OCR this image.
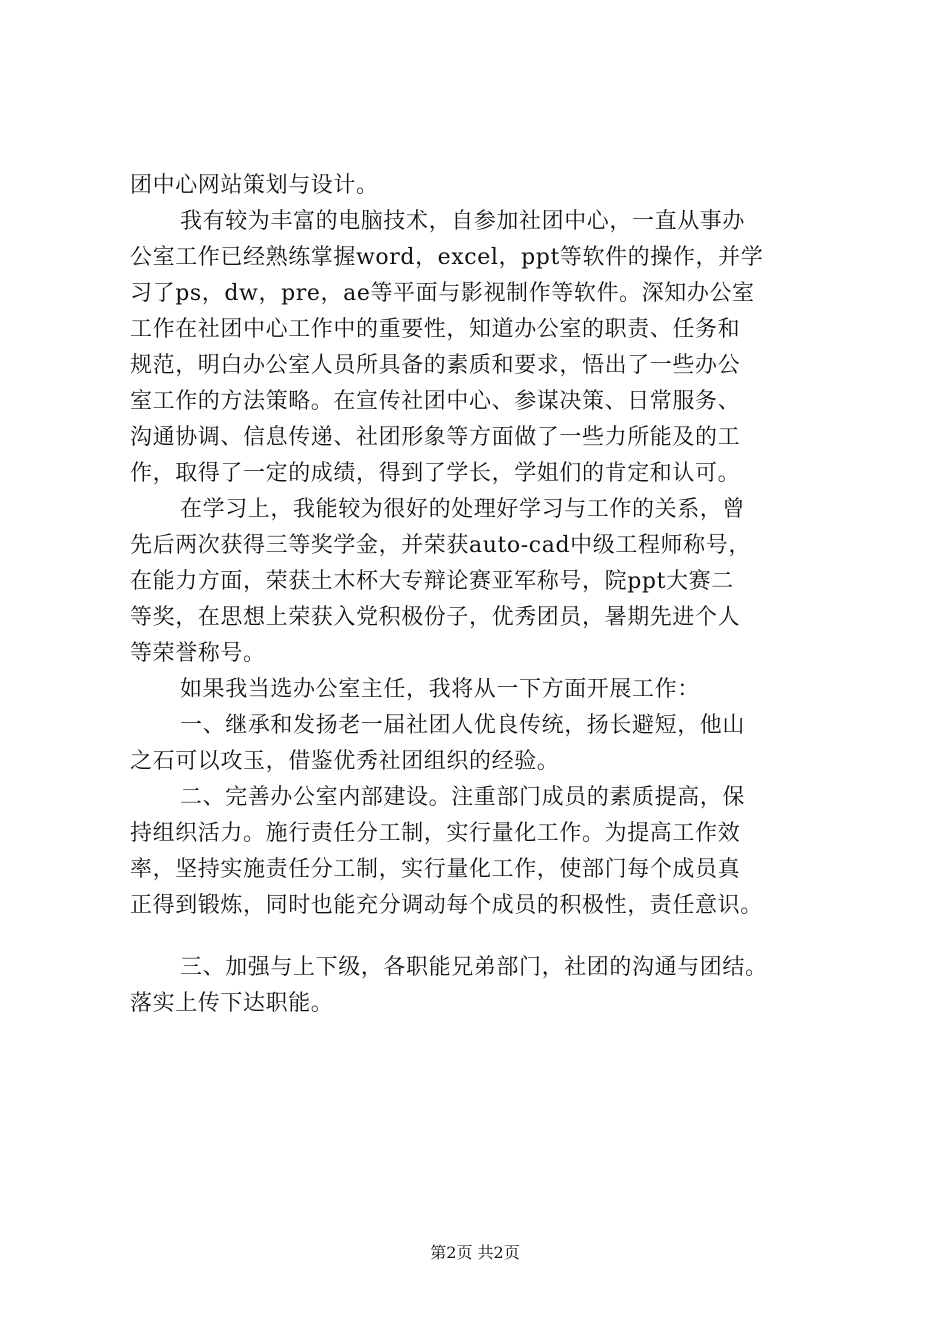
团中心网站策划与设计。
我有较为丰富的电脑技术，自参加社团中心，一直从事办
公室工作已经熟练掌握word，excel，ppt等软件的操作，并学
习了ps，dw，pre，ae等平面与影视制作等软件。深知办公室
工作在社团中心工作中的重要性，知道办公室的职责、任务和
规范，明白办公室人员所具备的素质和要求，悟出了一些办公
室工作的方法策略。在宣传社团中心、参谋决策、日常服务、
沟通协调、信息传递、社团形象等方面做了一些力所能及的工
作，取得了一定的成绩，得到了学长，学姐们的肯定和认可。
在学习上，我能较为很好的处理好学习与工作的关系，曾
先后两次获得三等奖学金，并荣获auto-cad中级工程师称号，
在能力方面，荣获土木杯大专辩论赛亚军称号，院ppt大赛二
等奖，在思想上荣获入党积极份子，优秀团员，暑期先进个人
等荣誉称号。
如果我当选办公室主任，我将从一下方面开展工作：
一、继承和发扬老一届社团人优良传统，扬长避短，他山
之石可以攻玉，借鉴优秀社团组织的经验。
二、完善办公室内部建设。注重部门成员的素质提高，保
持组织活力。施行责任分工制，实行量化工作。为提高工作效
率，坚持实施责任分工制，实行量化工作，使部门每个成员真
正得到锻炼，同时也能充分调动每个成员的积极性，责任意识。
三、加强与上下级，各职能兄弟部门，社团的沟通与团结。
落实上传下达职能。
第2页 共2页
